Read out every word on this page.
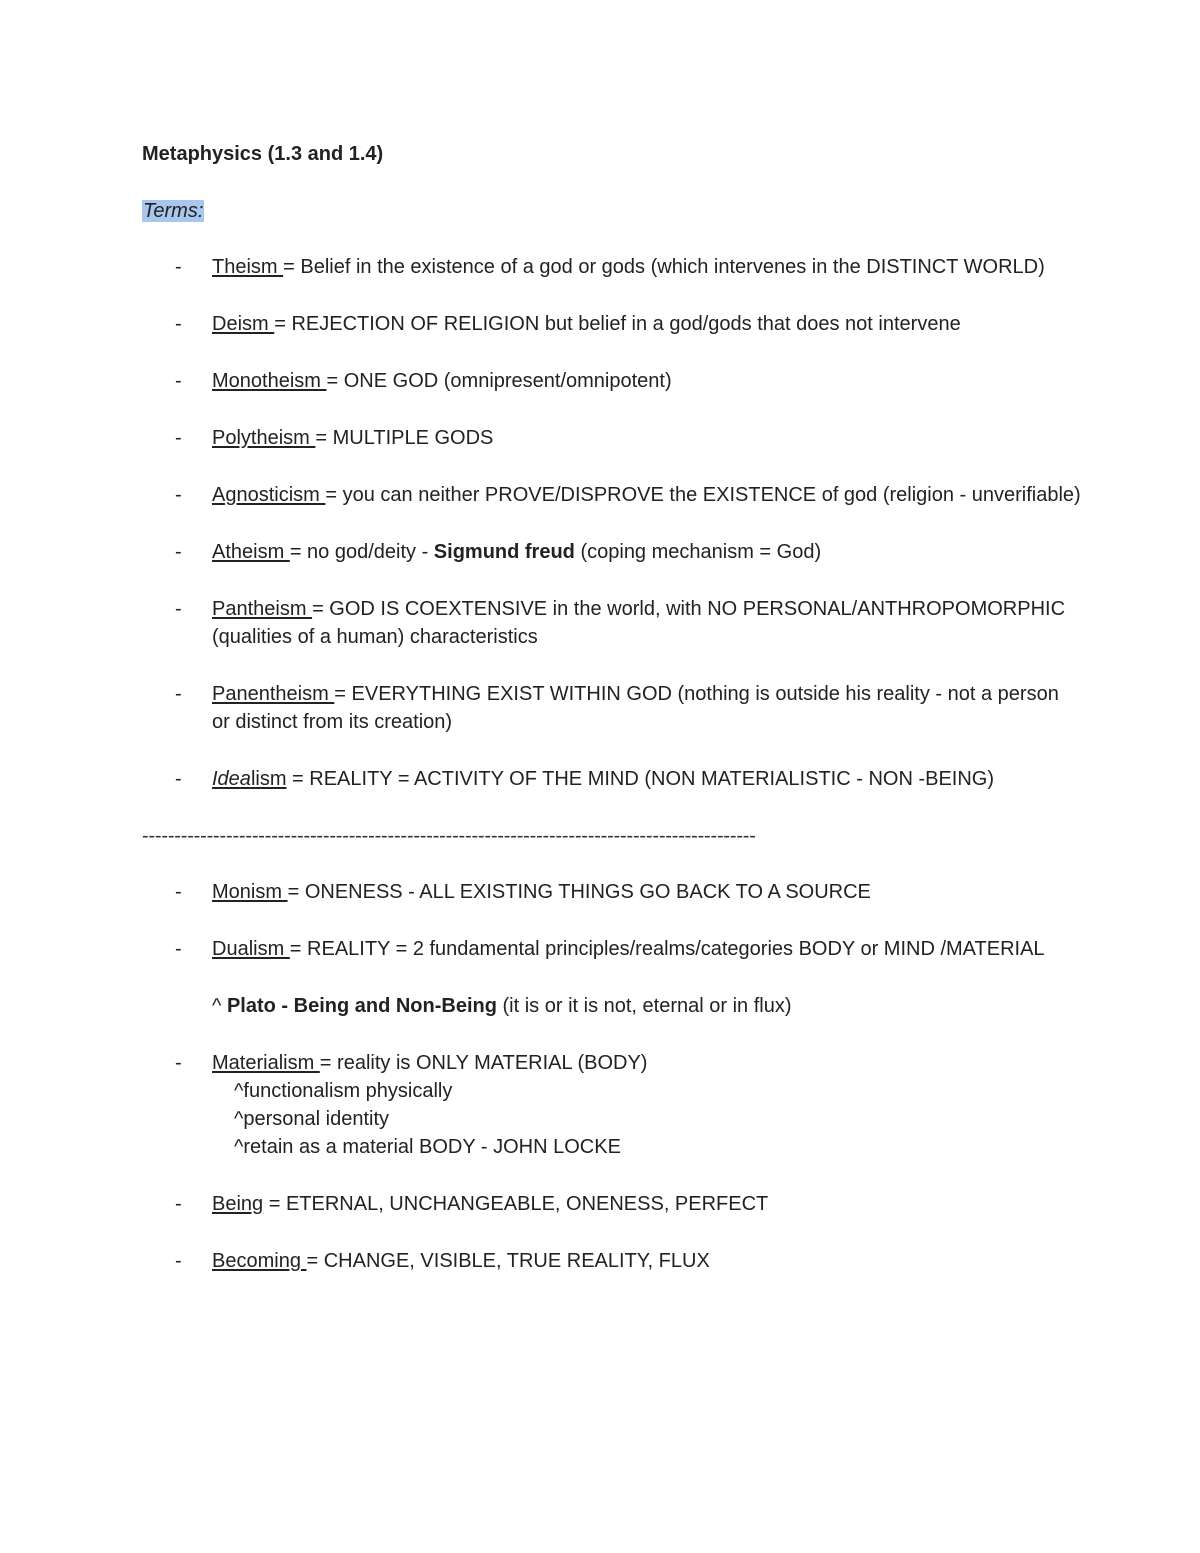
Metaphysics (1.3 and 1.4)

Terms:
- Theism = Belief in the existence of a god or gods (which intervenes in the DISTINCT WORLD)
- Deism = REJECTION OF RELIGION but belief in a god/gods that does not intervene
- Monotheism = ONE GOD (omnipresent/omnipotent)
- Polytheism = MULTIPLE GODS
- Agnosticism = you can neither PROVE/DISPROVE the EXISTENCE of god (religion - unverifiable)
- Atheism = no god/deity - Sigmund freud (coping mechanism = God)
- Pantheism = GOD IS COEXTENSIVE in the world, with NO PERSONAL/ANTHROPOMORPHIC (qualities of a human) characteristics
- Panentheism = EVERYTHING EXIST WITHIN GOD (nothing is outside his reality - not a person or distinct from its creation)
- Idealism = REALITY = ACTIVITY OF THE MIND (NON MATERIALISTIC - NON -BEING)
-----------------------------------------------------------------------------------------------
- Monism = ONENESS - ALL EXISTING THINGS GO BACK TO A SOURCE
- Dualism = REALITY = 2 fundamental principles/realms/categories BODY or MIND /MATERIAL
^ Plato - Being and Non-Being (it is or it is not, eternal or in flux)
- Materialism = reality is ONLY MATERIAL (BODY)
^functionalism physically
^personal identity
^retain as a material BODY - JOHN LOCKE
- Being = ETERNAL, UNCHANGEABLE, ONENESS, PERFECT
- Becoming = CHANGE, VISIBLE, TRUE REALITY, FLUX
